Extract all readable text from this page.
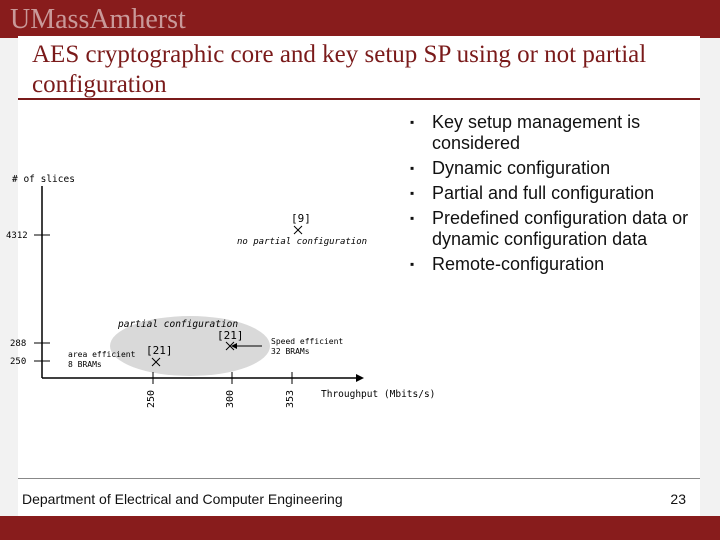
UMassAmherst
AES cryptographic core and key setup SP using or not partial configuration
4312
288
250
250	300	353
# of slices
Throughput (Mbits/s)
[9]
no partial configuration
partial configuration
[21]
area efficient 8 BRAMs
[21]	Speed efficient 32 BRAMs
▪ Key setup management is considered
▪ Dynamic configuration
▪ Partial and full configuration
▪ Predefined configuration data or dynamic configuration data
▪ Remote-configuration
Department of Electrical and Computer Engineering	23
